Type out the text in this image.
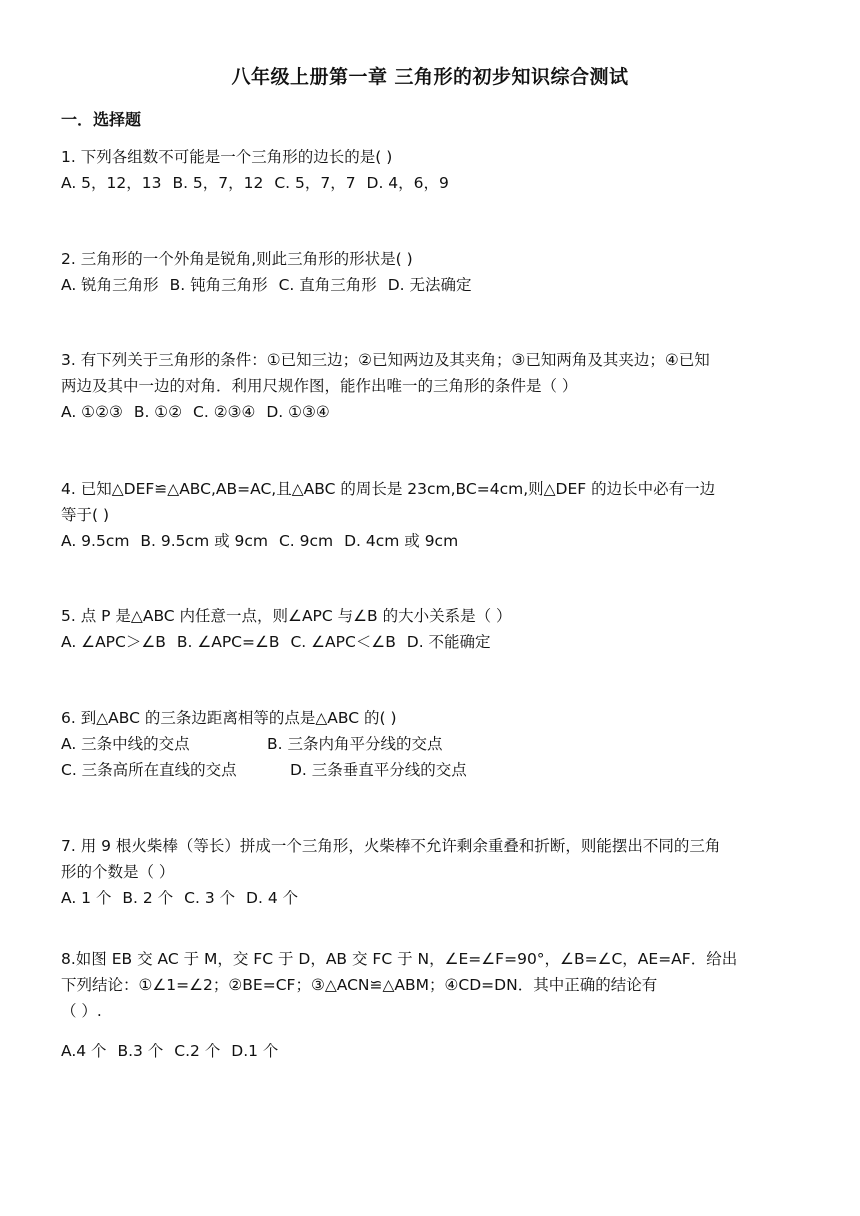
八年级上册第一章 三角形的初步知识综合测试
一．选择题
1. 下列各组数不可能是一个三角形的边长的是( )
A. 5，12，13 B. 5，7，12 C. 5，7，7 D. 4，6，9
2. 三角形的一个外角是锐角,则此三角形的形状是( )
A. 锐角三角形 B. 钝角三角形 C. 直角三角形 D. 无法确定
3. 有下列关于三角形的条件：①已知三边；②已知两边及其夹角；③已知两角及其夹边；④已知
两边及其中一边的对角．利用尺规作图，能作出唯一的三角形的条件是（ ）
A. ①②③ B. ①② C. ②③④ D. ①③④
4. 已知△DEF≌△ABC,AB=AC,且△ABC 的周长是 23cm,BC=4cm,则△DEF 的边长中必有一边
等于( )
A. 9.5cm B. 9.5cm 或 9cm C. 9cm D. 4cm 或 9cm
5. 点 P 是△ABC 内任意一点，则∠APC 与∠B 的大小关系是（ ）
A. ∠APC＞∠B B. ∠APC=∠B C. ∠APC＜∠B D. 不能确定
6. 到△ABC 的三条边距离相等的点是△ABC 的( )
A. 三条中线的交点	B. 三条内角平分线的交点
C. 三条高所在直线的交点	D. 三条垂直平分线的交点
7. 用 9 根火柴棒（等长）拼成一个三角形，火柴棒不允许剩余重叠和折断，则能摆出不同的三角
形的个数是（ ）
A. 1 个 B. 2 个 C. 3 个 D. 4 个
8.如图 EB 交 AC 于 M，交 FC 于 D，AB 交 FC 于 N，∠E=∠F=90°，∠B=∠C，AE=AF．给出
下列结论：①∠1=∠2；②BE=CF；③△ACN≌△ABM；④CD=DN．其中正确的结论有
（ ）.
A.4 个 B.3 个 C.2 个 D.1 个
